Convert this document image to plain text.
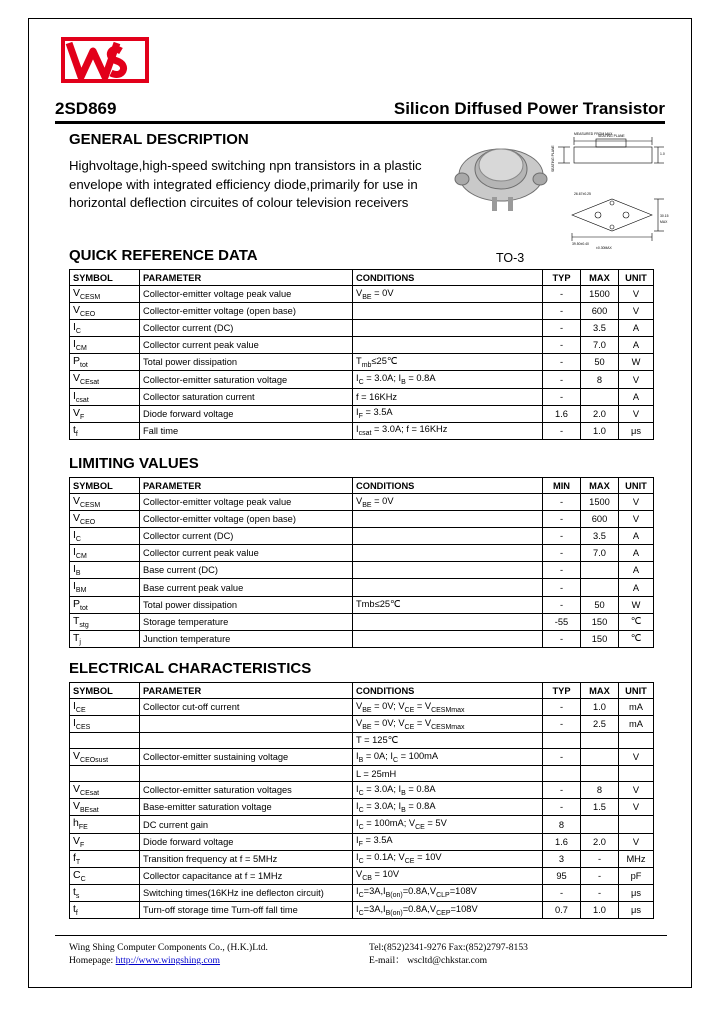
2SD869	Silicon Diffused Power Transistor
GENERAL DESCRIPTION
Highvoltage,high-speed switching npn transistors in a plastic envelope with integrated efficiency diode,primarily for use in horizontal deflection circuites of colour television receivers
MEASURED FROM MAX.
SEATING PLANE
SEATING PLANE	1.0
39.50±0.40
30.15
MAX
±0.30MAX
26.67±0.25
TO-3
QUICK REFERENCE DATA
SYMBOL	PARAMETER	CONDITIONS	TYP	MAX	UNIT
$V_{CESM}$	Collector-emitter voltage peak value	$V_{BE} = 0V$	-	1500	V
$V_{CEO}$	Collector-emitter voltage (open base)		-	600	V
$I_C$	Collector current (DC)		-	3.5	A
$I_{CM}$	Collector current peak value		-	7.0	A
$P_{tot}$	Total power dissipation	$T_{mb}\le 25℃$	-	50	W
$V_{CEsat}$	Collector-emitter saturation voltage	$I_C = 3.0A$; $I_B = 0.8A$	-	8	V
$I_{csat}$	Collector saturation current	f = 16KHz	-		A
$V_F$	Diode forward voltage	$I_F = 3.5A$	1.6	2.0	V
$t_f$	Fall time	$I_{csat} = 3.0A$; f = 16KHz	-	1.0	μs
LIMITING VALUES
SYMBOL	PARAMETER	CONDITIONS	MIN	MAX	UNIT
$V_{CESM}$	Collector-emitter voltage peak value	$V_{BE} = 0V$	-	1500	V
$V_{CEO}$	Collector-emitter voltage (open base)		-	600	V
$I_C$	Collector current (DC)		-	3.5	A
$I_{CM}$	Collector current peak value		-	7.0	A
$I_B$	Base current (DC)		-		A
$I_{BM}$	Base current peak value		-		A
$P_{tot}$	Total power dissipation	Tmb≤25℃	-	50	W
$T_{stg}$	Storage temperature		-55	150	℃
$T_j$	Junction temperature		-	150	℃
ELECTRICAL CHARACTERISTICS
SYMBOL	PARAMETER	CONDITIONS	TYP	MAX	UNIT
$I_{CE}$	Collector cut-off current	$V_{BE} = 0V$; $V_{CE} = V_{CESMmax}$	-	1.0	mA
$I_{CES}$		$V_{BE} = 0V$; $V_{CE} = V_{CESMmax}$	-	2.5	mA
		T = 125℃			
$V_{CEOsust}$	Collector-emitter sustaining voltage	$I_B = 0A$; $I_C = 100mA$	-		V
		L = 25mH			
$V_{CEsat}$	Collector-emitter saturation voltages	$I_C = 3.0A$; $I_B = 0.8A$	-	8	V
$V_{BEsat}$	Base-emitter saturation voltage	$I_C = 3.0A$; $I_B = 0.8A$	-	1.5	V
$h_{FE}$	DC current gain	$I_C = 100mA$; $V_{CE} = 5V$	8		
$V_F$	Diode forward voltage	$I_F = 3.5A$	1.6	2.0	V
$f_T$	Transition frequency at f = 5MHz	$I_C = 0.1A$; $V_{CE} = 10V$	3	-	MHz
$C_C$	Collector capacitance at f = 1MHz	$V_{CB} = 10V$	95	-	pF
$t_s$	Switching times(16KHz ine deflecton circuit)	$I_C=3A,I_{B(on)}=0.8A,V_{CLP}=108V$	-	-	μs
$t_f$	Turn-off storage time Turn-off fall time	$I_C=3A,I_{B(on)}=0.8A,V_{CEP}=108V$	0.7	1.0	μs
Wing Shing Computer Components Co., (H.K.)Ltd.	Tel:(852)2341-9276 Fax:(852)2797-8153
Homepage: http://www.wingshing.com	E-mail： wscltd@chkstar.com
